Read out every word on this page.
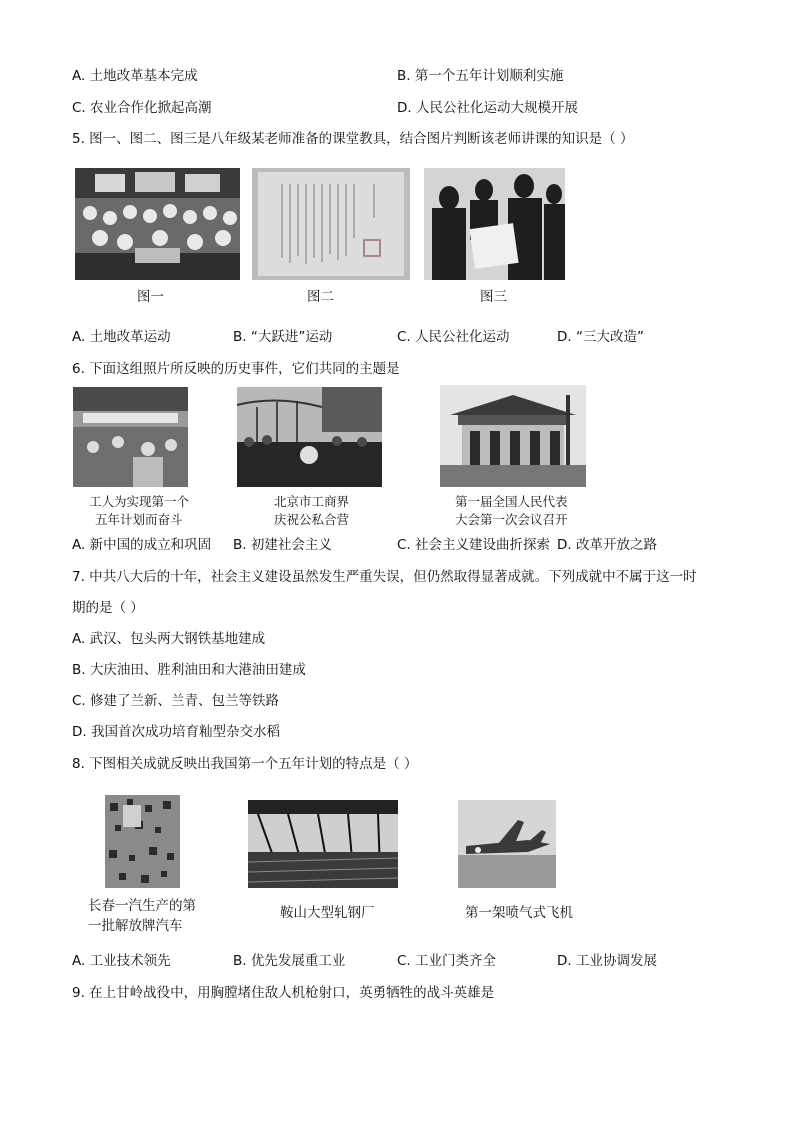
A. 土地改革基本完成	B. 第一个五年计划顺利实施
C. 农业合作化掀起高潮	D. 人民公社化运动大规模开展
5. 图一、图二、图三是八年级某老师准备的课堂教具，结合图片判断该老师讲课的知识是（ ）
图一	图二	图三
A. 土地改革运动	B. “大跃进”运动	C. 人民公社化运动	D. “三大改造”
6. 下面这组照片所反映的历史事件，它们共同的主题是
工人为实现第一个
五年计划而奋斗
北京市工商界
庆祝公私合营
第一届全国人民代表
大会第一次会议召开
A. 新中国的成立和巩固 B. 初建社会主义	C. 社会主义建设曲折探索 D. 改革开放之路
7. 中共八大后的十年，社会主义建设虽然发生严重失误，但仍然取得显著成就。下列成就中不属于这一时
期的是（ ）
A. 武汉、包头两大钢铁基地建成
B. 大庆油田、胜利油田和大港油田建成
C. 修建了兰新、兰青、包兰等铁路
D. 我国首次成功培育籼型杂交水稻
8. 下图相关成就反映出我国第一个五年计划的特点是（ ）
长春一汽生产的第
一批解放牌汽车
鞍山大型轧钢厂	第一架喷气式飞机
A. 工业技术领先	B. 优先发展重工业	C. 工业门类齐全	D. 工业协调发展
9. 在上甘岭战役中，用胸膛堵住敌人机枪射口，英勇牺牲的战斗英雄是
